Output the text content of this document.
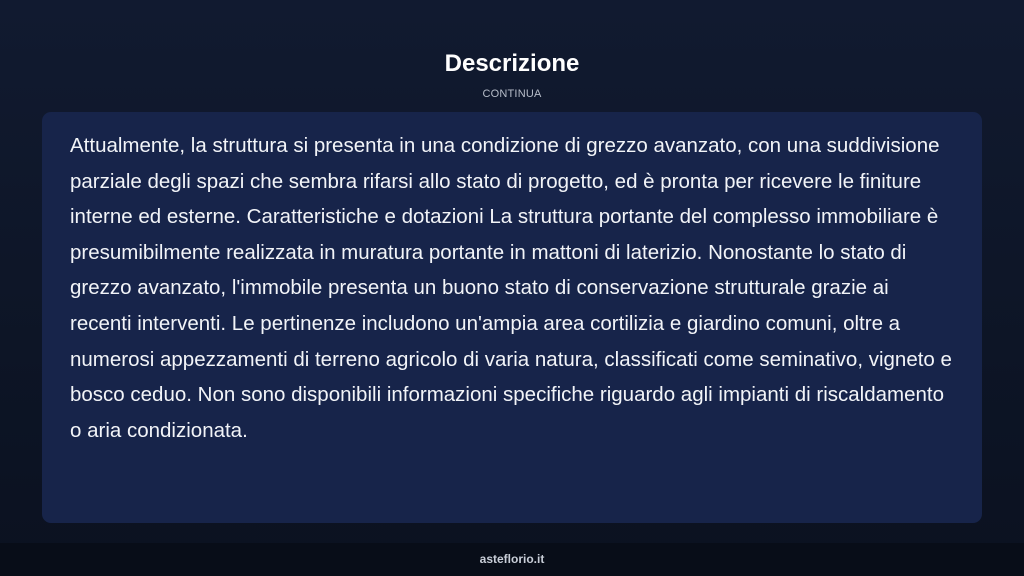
Descrizione
CONTINUA

Attualmente, la struttura si presenta in una condizione di grezzo avanzato, con una suddivisione parziale degli spazi che sembra rifarsi allo stato di progetto, ed è pronta per ricevere le finiture interne ed esterne. Caratteristiche e dotazioni La struttura portante del complesso immobiliare è presumibilmente realizzata in muratura portante in mattoni di laterizio. Nonostante lo stato di grezzo avanzato, l'immobile presenta un buono stato di conservazione strutturale grazie ai recenti interventi. Le pertinenze includono un'ampia area cortilizia e giardino comuni, oltre a numerosi appezzamenti di terreno agricolo di varia natura, classificati come seminativo, vigneto e bosco ceduo. Non sono disponibili informazioni specifiche riguardo agli impianti di riscaldamento o aria condizionata.

asteflorio.it
